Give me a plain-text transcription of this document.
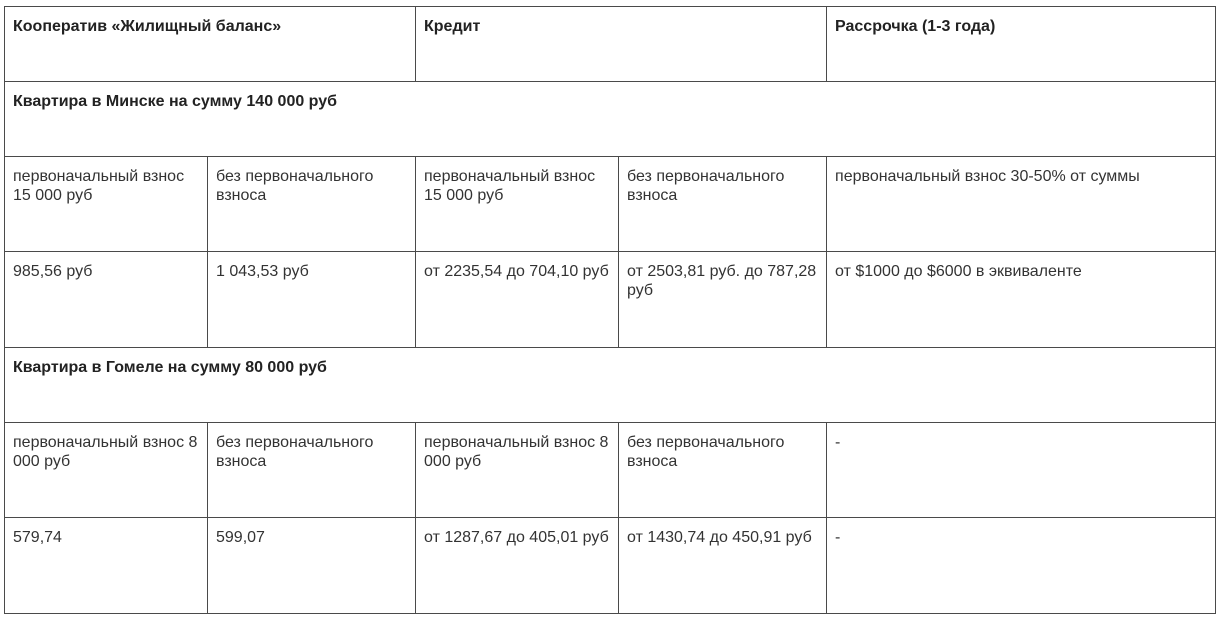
Кооператив «Жилищный баланс»		Кредит		Рассрочка (1-3 года)
Квартира в Минске на сумму 140 000 руб				
первоначальный взнос 15 000 руб	без первоначального взноса	первоначальный взнос 15 000 руб	без первоначального взноса	первоначальный взнос 30-50% от суммы
985,56 руб	1 043,53 руб	от 2235,54 до 704,10 руб	от 2503,81 руб. до 787,28 руб	от $1000 до $6000 в эквиваленте
Квартира в Гомеле на сумму 80 000 руб				
первоначальный взнос 8 000 руб	без первоначального взноса	первоначальный взнос 8 000 руб	без первоначального взноса	-
579,74	599,07	от 1287,67 до 405,01 руб	от 1430,74 до 450,91 руб	-
